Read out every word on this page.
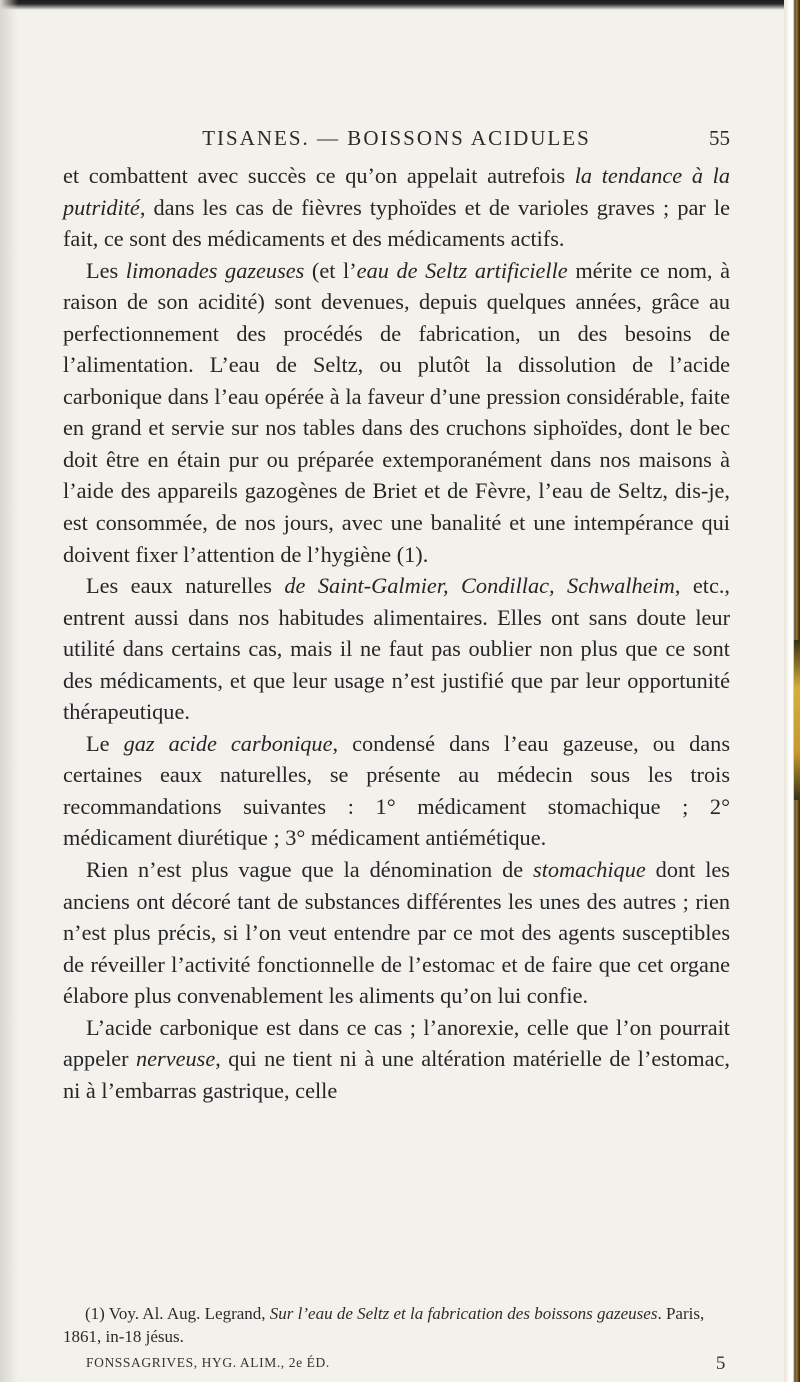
TISANES. — BOISSONS ACIDULES	55

et combattent avec succès ce qu’on appelait autrefois la tendance à la putridité, dans les cas de fièvres typhoïdes et de varioles graves ; par le fait, ce sont des médicaments et des médicaments actifs.

Les limonades gazeuses (et l’eau de Seltz artificielle mérite ce nom, à raison de son acidité) sont devenues, depuis quelques années, grâce au perfectionnement des procédés de fabrication, un des besoins de l’alimentation. L’eau de Seltz, ou plutôt la dissolution de l’acide carbonique dans l’eau opérée à la faveur d’une pression considérable, faite en grand et servie sur nos tables dans des cruchons siphoïdes, dont le bec doit être en étain pur ou préparée extemporanément dans nos maisons à l’aide des appareils gazogènes de Briet et de Fèvre, l’eau de Seltz, dis-je, est consommée, de nos jours, avec une banalité et une intempérance qui doivent fixer l’attention de l’hygiène (1).

Les eaux naturelles de Saint-Galmier, Condillac, Schwalheim, etc., entrent aussi dans nos habitudes alimentaires. Elles ont sans doute leur utilité dans certains cas, mais il ne faut pas oublier non plus que ce sont des médicaments, et que leur usage n’est justifié que par leur opportunité thérapeutique.

Le gaz acide carbonique, condensé dans l’eau gazeuse, ou dans certaines eaux naturelles, se présente au médecin sous les trois recommandations suivantes : 1° médicament stomachique ; 2° médicament diurétique ; 3° médicament antiémétique.

Rien n’est plus vague que la dénomination de stomachique dont les anciens ont décoré tant de substances différentes les unes des autres ; rien n’est plus précis, si l’on veut entendre par ce mot des agents susceptibles de réveiller l’activité fonctionnelle de l’estomac et de faire que cet organe élabore plus convenablement les aliments qu’on lui confie.

L’acide carbonique est dans ce cas ; l’anorexie, celle que l’on pourrait appeler nerveuse, qui ne tient ni à une altération matérielle de l’estomac, ni à l’embarras gastrique, celle

(1) Voy. Al. Aug. Legrand, Sur l’eau de Seltz et la fabrication des boissons gazeuses. Paris, 1861, in-18 jésus.

FONSSAGRIVES, HYG. ALIM., 2e ÉD.	5
